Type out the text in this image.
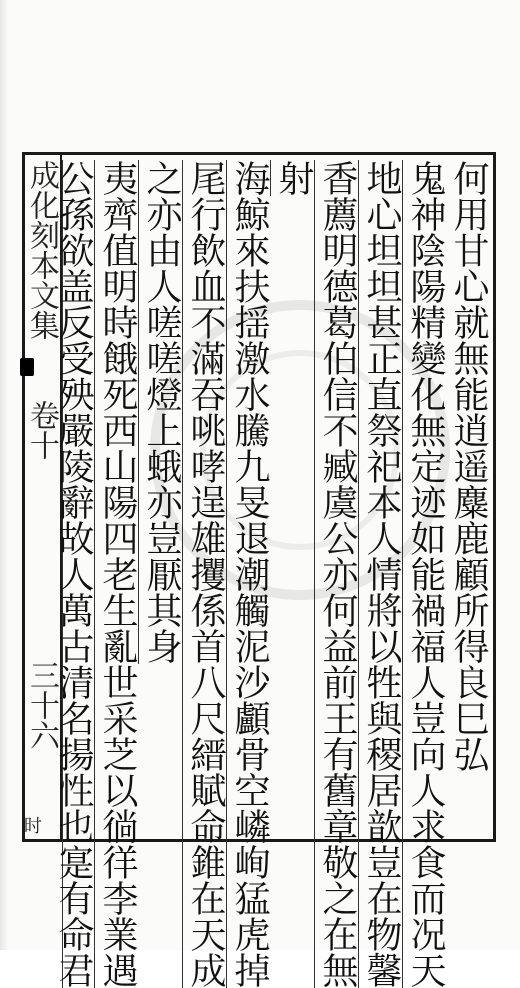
成化刻本文集
卷十
三十六
时
何用甘心就無能逍遥麋鹿顧所得良巳弘
鬼神陰陽精變化無定迹如能禍福人豈向人求食而况天
地心坦坦甚正直祭祀本人情將以牲與稷居歆豈在物馨
香薦明德葛伯信不臧虞公亦何益前王有舊章敬之在無
射
海鯨來扶揺激水騰九旻退潮觸泥沙顱骨空嶙峋猛虎掉
尾行飲血不滿吞咷哮逞雄攫係首八尺縉賦命錐在天成
之亦由人嗟嗟燈上蛾亦豈厭其身
夷齊值明時餓死西山陽四老生亂世采芝以徜徉李業遇
公孫欲盖反受殃嚴陵辭故人萬古清名揚性也寔有命君
